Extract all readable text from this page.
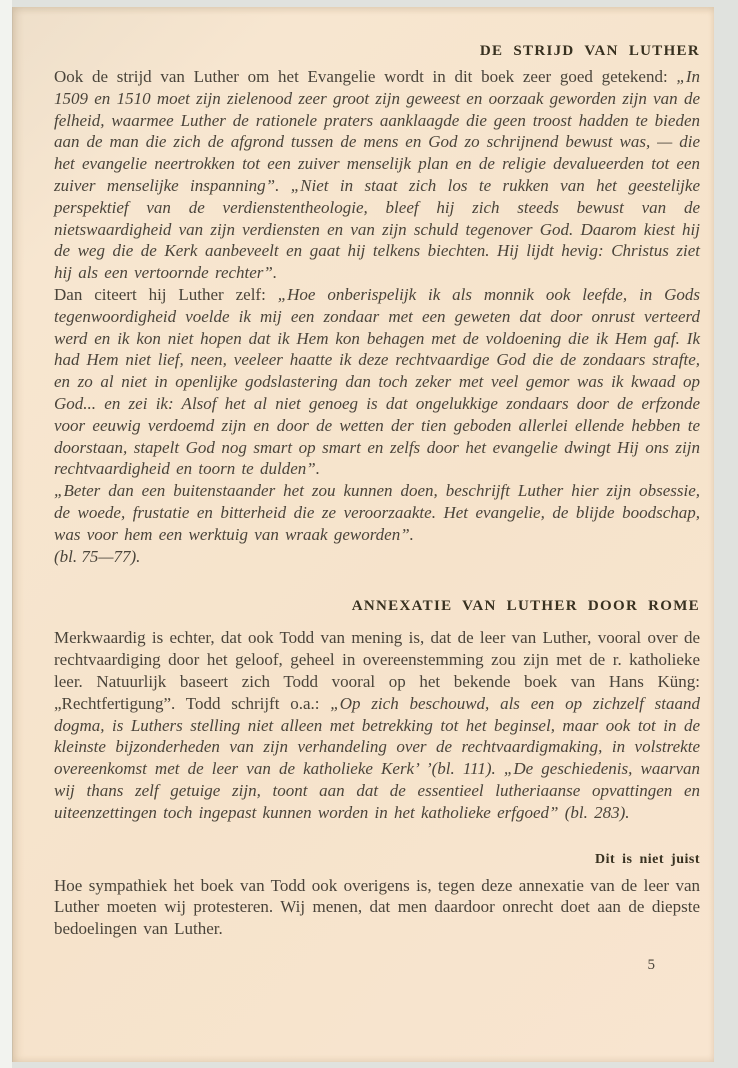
DE STRIJD VAN LUTHER

Ook de strijd van Luther om het Evangelie wordt in dit boek zeer goed getekend: „In 1509 en 1510 moet zijn zielenood zeer groot zijn geweest en oorzaak geworden zijn van de felheid, waarmee Luther de rationele praters aanklaagde die geen troost hadden te bieden aan de man die zich de afgrond tussen de mens en God zo schrijnend bewust was, — die het evangelie neertrokken tot een zuiver menselijk plan en de religie devalueerden tot een zuiver menselijke inspanning”. „Niet in staat zich los te rukken van het geestelijke perspektief van de verdienstentheologie, bleef hij zich steeds bewust van de nietswaardigheid van zijn verdiensten en van zijn schuld tegenover God. Daarom kiest hij de weg die de Kerk aanbeveelt en gaat hij telkens biechten. Hij lijdt hevig: Christus ziet hij als een vertoornde rechter”.

Dan citeert hij Luther zelf: „Hoe onberispelijk ik als monnik ook leefde, in Gods tegenwoordigheid voelde ik mij een zondaar met een geweten dat door onrust verteerd werd en ik kon niet hopen dat ik Hem kon behagen met de voldoening die ik Hem gaf. Ik had Hem niet lief, neen, veeleer haatte ik deze rechtvaardige God die de zondaars strafte, en zo al niet in openlijke godslastering dan toch zeker met veel gemor was ik kwaad op God... en zei ik: Alsof het al niet genoeg is dat ongelukkige zondaars door de erfzonde voor eeuwig verdoemd zijn en door de wetten der tien geboden allerlei ellende hebben te doorstaan, stapelt God nog smart op smart en zelfs door het evangelie dwingt Hij ons zijn rechtvaardigheid en toorn te dulden”.

„Beter dan een buitenstaander het zou kunnen doen, beschrijft Luther hier zijn obsessie, de woede, frustatie en bitterheid die ze veroorzaakte. Het evangelie, de blijde boodschap, was voor hem een werktuig van wraak geworden”.

(bl. 75—77).

ANNEXATIE VAN LUTHER DOOR ROME

Merkwaardig is echter, dat ook Todd van mening is, dat de leer van Luther, vooral over de rechtvaardiging door het geloof, geheel in overeenstemming zou zijn met de r. katholieke leer. Natuurlijk baseert zich Todd vooral op het bekende boek van Hans Küng: „Rechtfertigung”. Todd schrijft o.a.: „Op zich beschouwd, als een op zichzelf staand dogma, is Luthers stelling niet alleen met betrekking tot het beginsel, maar ook tot in de kleinste bijzonderheden van zijn verhandeling over de rechtvaardigmaking, in volstrekte overeenkomst met de leer van de katholieke Kerk’ ’(bl. 111). „De geschiedenis, waarvan wij thans zelf getuige zijn, toont aan dat de essentieel lutheriaanse opvattingen en uiteenzettingen toch ingepast kunnen worden in het katholieke erfgoed” (bl. 283).

Dit is niet juist

Hoe sympathiek het boek van Todd ook overigens is, tegen deze annexatie van de leer van Luther moeten wij protesteren. Wij menen, dat men daardoor onrecht doet aan de diepste bedoelingen van Luther.

5
